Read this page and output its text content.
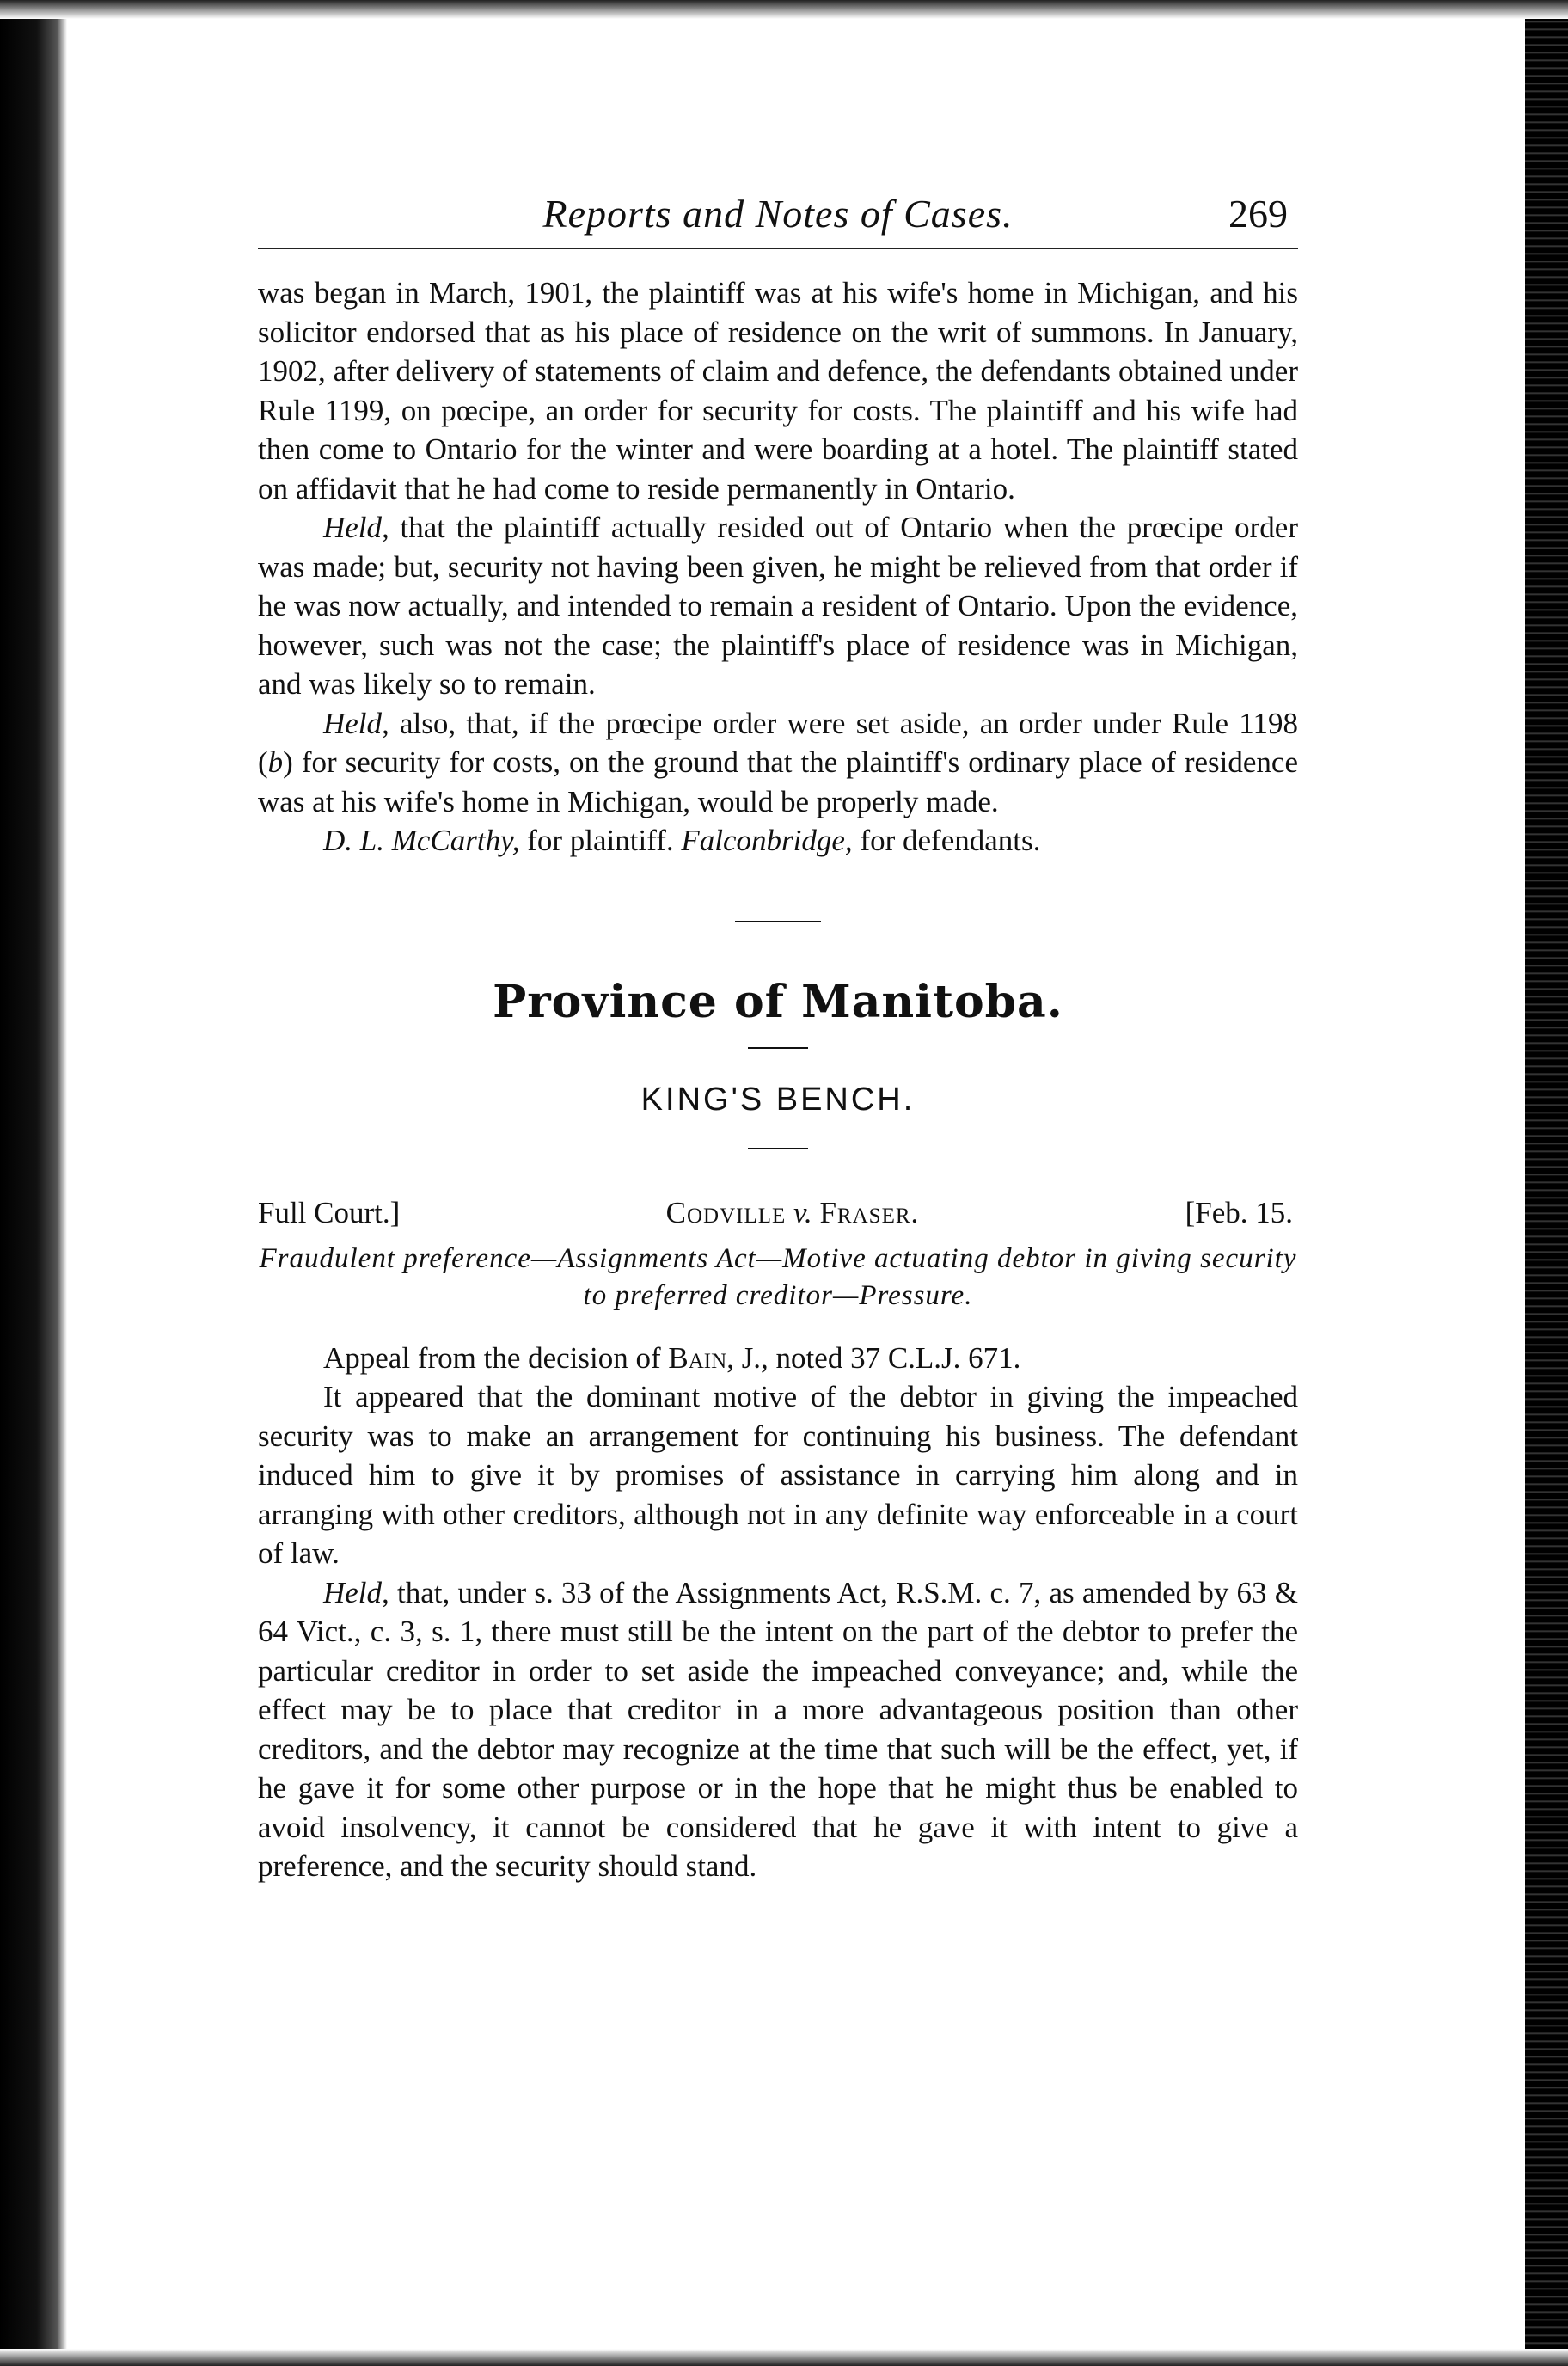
Reports and Notes of Cases.	269

was began in March, 1901, the plaintiff was at his wife's home in Michigan, and his solicitor endorsed that as his place of residence on the writ of summons. In January, 1902, after delivery of statements of claim and defence, the defendants obtained under Rule 1199, on pœcipe, an order for security for costs. The plaintiff and his wife had then come to Ontario for the winter and were boarding at a hotel. The plaintiff stated on affidavit that he had come to reside permanently in Ontario.

Held, that the plaintiff actually resided out of Ontario when the prœcipe order was made; but, security not having been given, he might be relieved from that order if he was now actually, and intended to remain a resident of Ontario. Upon the evidence, however, such was not the case; the plaintiff's place of residence was in Michigan, and was likely so to remain.

Held, also, that, if the prœcipe order were set aside, an order under Rule 1198 (b) for security for costs, on the ground that the plaintiff's ordinary place of residence was at his wife's home in Michigan, would be properly made.

D. L. McCarthy, for plaintiff. Falconbridge, for defendants.
Province of Manitoba.
KING'S BENCH.
Full Court.]	Codville v. Fraser.	[Feb. 15.
Fraudulent preference—Assignments Act—Motive actuating debtor in giving security to preferred creditor—Pressure.

Appeal from the decision of Bain, J., noted 37 C.L.J. 671.

It appeared that the dominant motive of the debtor in giving the impeached security was to make an arrangement for continuing his business. The defendant induced him to give it by promises of assistance in carrying him along and in arranging with other creditors, although not in any definite way enforceable in a court of law.

Held, that, under s. 33 of the Assignments Act, R.S.M. c. 7, as amended by 63 & 64 Vict., c. 3, s. 1, there must still be the intent on the part of the debtor to prefer the particular creditor in order to set aside the impeached conveyance; and, while the effect may be to place that creditor in a more advantageous position than other creditors, and the debtor may recognize at the time that such will be the effect, yet, if he gave it for some other purpose or in the hope that he might thus be enabled to avoid insolvency, it cannot be considered that he gave it with intent to give a preference, and the security should stand.
